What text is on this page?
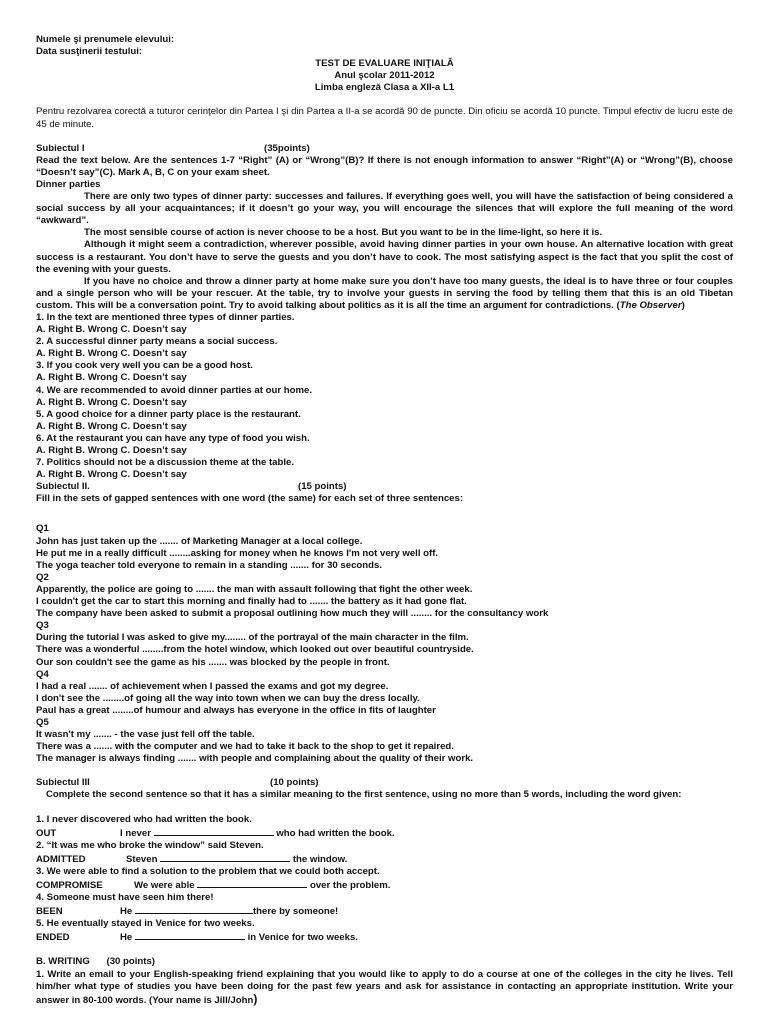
Numele şi prenumele elevului:
Data susţinerii testului:
TEST DE EVALUARE INIŢIALĂ
Anul şcolar 2011-2012
Limba engleză Clasa a XII-a L1
Pentru rezolvarea corectă a tuturor cerinţelor din Partea I şi din Partea a II-a se acordă 90 de puncte. Din oficiu se acordă 10 puncte. Timpul efectiv de lucru este de 45 de minute.
Subiectul I	(35points)
Read the text below. Are the sentences 1-7 “Right” (A) or “Wrong”(B)? If there is not enough information to answer “Right”(A) or “Wrong”(B), choose “Doesn’t say”(C). Mark A, B, C on your exam sheet.
Dinner parties
There are only two types of dinner party: successes and failures. If everything goes well, you will have the satisfaction of being considered a social success by all your acquaintances; if it doesn’t go your way, you will encourage the silences that will explore the full meaning of the word “awkward”.
The most sensible course of action is never choose to be a host. But you want to be in the lime-light, so here it is.
Although it might seem a contradiction, wherever possible, avoid having dinner parties in your own house. An alternative location with great success is a restaurant. You don’t have to serve the guests and you don’t have to cook. The most satisfying aspect is the fact that you split the cost of the evening with your guests.
If you have no choice and throw a dinner party at home make sure you don’t have too many guests, the ideal is to have three or four couples and a single person who will be your rescuer. At the table, try to involve your guests in serving the food by telling them that this is an old Tibetan custom. This will be a conversation point. Try to avoid talking about politics as it is all the time an argument for contradictions. (The Observer)
1. In the text are mentioned three types of dinner parties.
A. Right B. Wrong C. Doesn’t say
2. A successful dinner party means a social success.
A. Right B. Wrong C. Doesn’t say
3. If you cook very well you can be a good host.
A. Right B. Wrong C. Doesn’t say
4. We are recommended to avoid dinner parties at our home.
A. Right B. Wrong C. Doesn’t say
5. A good choice for a dinner party place is the restaurant.
A. Right B. Wrong C. Doesn’t say
6. At the restaurant you can have any type of food you wish.
A. Right B. Wrong C. Doesn’t say
7. Politics should not be a discussion theme at the table.
A. Right B. Wrong C. Doesn’t say
Subiectul II.	(15 points)
Fill in the sets of gapped sentences with one word (the same) for each set of three sentences:
Q1
John has just taken up the ....... of Marketing Manager at a local college.
He put me in a really difficult ........asking for money when he knows I'm not very well off.
The yoga teacher told everyone to remain in a standing ....... for 30 seconds.
Q2
Apparently, the police are going to ....... the man with assault following that fight the other week.
I couldn't get the car to start this morning and finally had to ....... the battery as it had gone flat.
The company have been asked to submit a proposal outlining how much they will ........ for the consultancy work
Q3
During the tutorial I was asked to give my........ of the portrayal of the main character in the film.
There was a wonderful ........from the hotel window, which looked out over beautiful countryside.
Our son couldn't see the game as his ....... was blocked by the people in front.
Q4
I had a real ....... of achievement when I passed the exams and got my degree.
I don't see the ........of going all the way into town when we can buy the dress locally.
Paul has a great ........of humour and always has everyone in the office in fits of laughter
Q5
It wasn't my ....... - the vase just fell off the table.
There was a ....... with the computer and we had to take it back to the shop to get it repaired.
The manager is always finding ....... with people and complaining about the quality of their work.
Subiectul III	(10 points)
Complete the second sentence so that it has a similar meaning to the first sentence, using no more than 5 words, including the word given:
1. I never discovered who had written the book.
OUT	I never	who had written the book.
2. “It was me who broke the window” said Steven.
ADMITTED	Steven	the window.
3. We were able to find a solution to the problem that we could both accept.
COMPROMISE	We were able	over the problem.
4. Someone must have seen him there!
BEEN	He	there by someone!
5. He eventually stayed in Venice for two weeks.
ENDED	He	in Venice for two weeks.
B. WRITING (30 points)
1. Write an email to your English-speaking friend explaining that you would like to apply to do a course at one of the colleges in the city he lives. Tell him/her what type of studies you have been doing for the past few years and ask for assistance in contacting an appropriate institution. Write your answer in 80-100 words. (Your name is Jill/John)
